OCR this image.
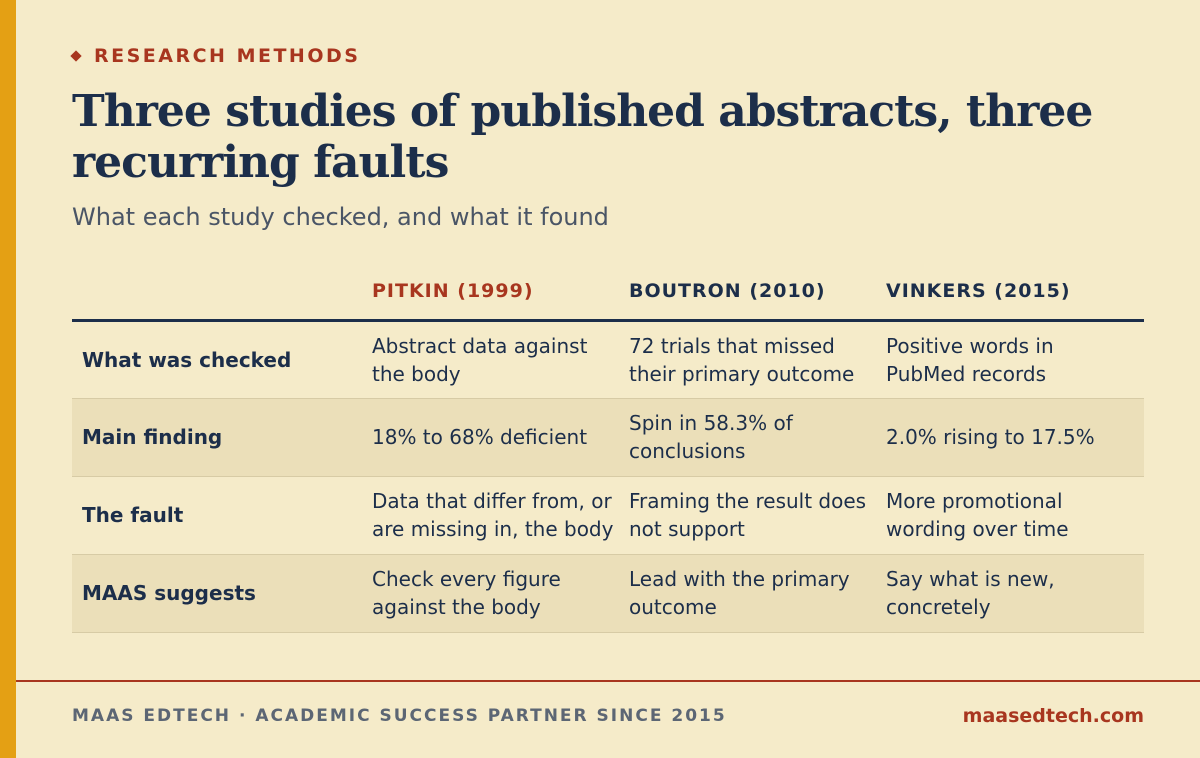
RESEARCH METHODS
Three studies of published abstracts, three recurring faults
What each study checked, and what it found
	PITKIN (1999)	BOUTRON (2010)	VINKERS (2015)
What was checked	Abstract data against the body	72 trials that missed their primary outcome	Positive words in PubMed records
Main finding	18% to 68% deficient	Spin in 58.3% of conclusions	2.0% rising to 17.5%
The fault	Data that differ from, or are missing in, the body	Framing the result does not support	More promotional wording over time
MAAS suggests	Check every figure against the body	Lead with the primary outcome	Say what is new, concretely
MAAS EDTECH · ACADEMIC SUCCESS PARTNER SINCE 2015	maasedtech.com
